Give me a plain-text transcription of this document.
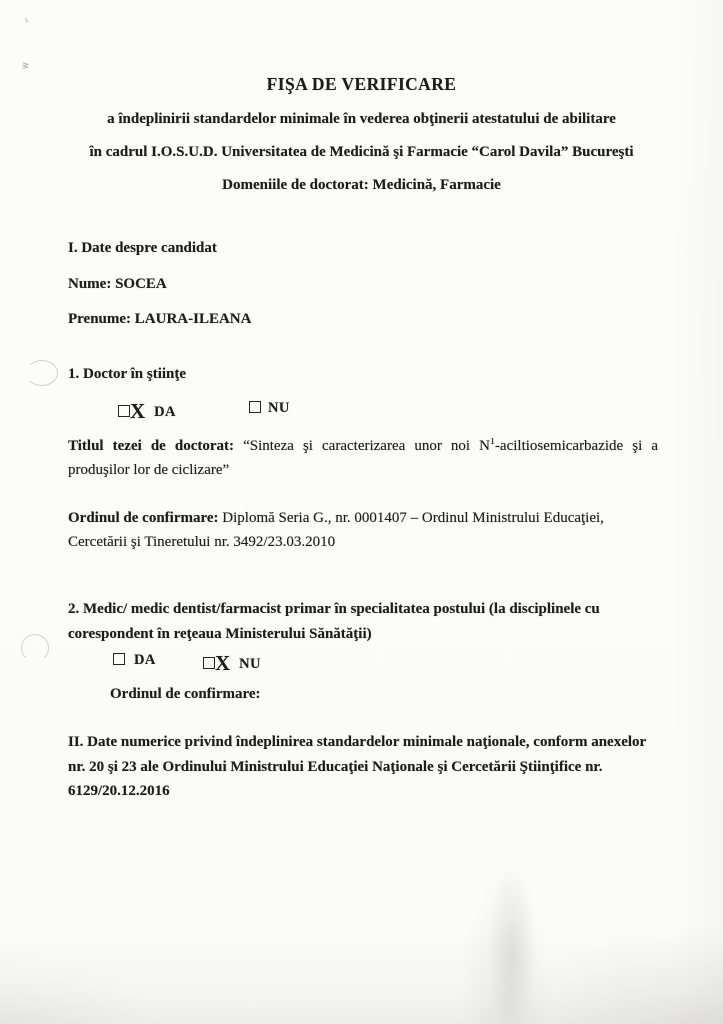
ᔆ
ᕒ
FIŞA DE VERIFICARE
a îndeplinirii standardelor minimale în vederea obţinerii atestatului de abilitare
în cadrul I.O.S.U.D. Universitatea de Medicină şi Farmacie “Carol Davila” Bucureşti
Domeniile de doctorat: Medicină, Farmacie
I. Date despre candidat
Nume: SOCEA
Prenume: LAURA-ILEANA
1. Doctor în ştiinţe
X DA	NU
Titlul tezei de doctorat: “Sinteza şi caracterizarea unor noi $N^1$-aciltiosemicarbazide şi a
produşilor lor de ciclizare”
Ordinul de confirmare: Diplomă Seria G., nr. 0001407 – Ordinul Ministrului Educaţiei,
Cercetării şi Tineretului nr. 3492/23.03.2010
2. Medic/ medic dentist/farmacist primar în specialitatea postului (la disciplinele cu
corespondent în reţeaua Ministerului Sănătăţii)
DA	X NU
Ordinul de confirmare:
II. Date numerice privind îndeplinirea standardelor minimale naţionale, conform anexelor
nr. 20 şi 23 ale Ordinului Ministrului Educaţiei Naţionale şi Cercetării Ştiinţifice nr.
6129/20.12.2016
